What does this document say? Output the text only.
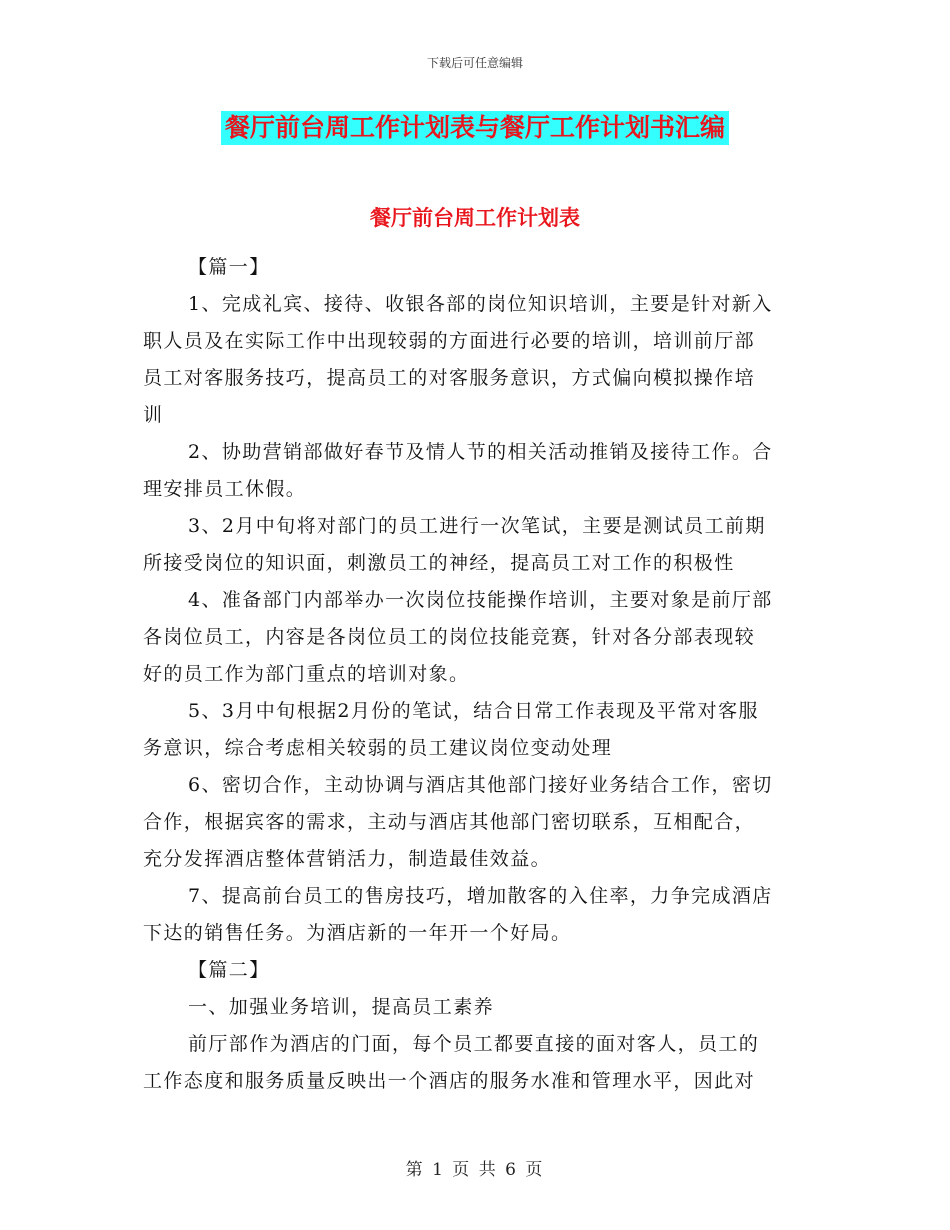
下载后可任意编辑
餐厅前台周工作计划表与餐厅工作计划书汇编
餐厅前台周工作计划表
【篇一】
1、完成礼宾、接待、收银各部的岗位知识培训，主要是针对新入
职人员及在实际工作中出现较弱的方面进行必要的培训，培训前厅部
员工对客服务技巧，提高员工的对客服务意识，方式偏向模拟操作培
训
2、协助营销部做好春节及情人节的相关活动推销及接待工作。合
理安排员工休假。
3、2月中旬将对部门的员工进行一次笔试，主要是测试员工前期
所接受岗位的知识面，刺激员工的神经，提高员工对工作的积极性
4、准备部门内部举办一次岗位技能操作培训，主要对象是前厅部
各岗位员工，内容是各岗位员工的岗位技能竞赛，针对各分部表现较
好的员工作为部门重点的培训对象。
5、3月中旬根据2月份的笔试，结合日常工作表现及平常对客服
务意识，综合考虑相关较弱的员工建议岗位变动处理
6、密切合作，主动协调与酒店其他部门接好业务结合工作，密切
合作，根据宾客的需求，主动与酒店其他部门密切联系，互相配合，
充分发挥酒店整体营销活力，制造最佳效益。
7、提高前台员工的售房技巧，增加散客的入住率，力争完成酒店
下达的销售任务。为酒店新的一年开一个好局。
【篇二】
一、加强业务培训，提高员工素养
前厅部作为酒店的门面，每个员工都要直接的面对客人，员工的
工作态度和服务质量反映出一个酒店的服务水准和管理水平，因此对
第 1 页 共 6 页
